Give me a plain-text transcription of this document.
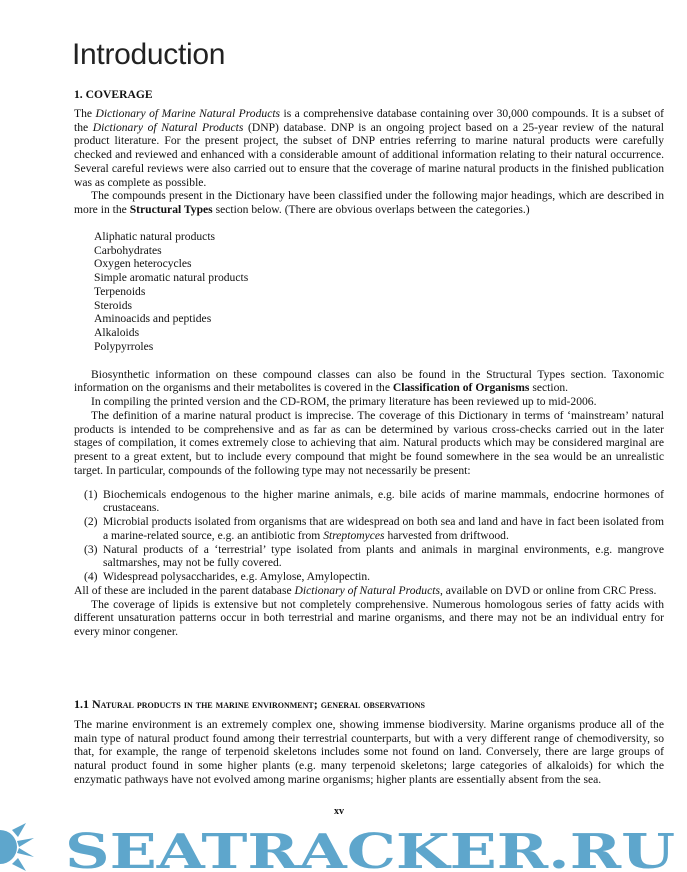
Introduction
1. COVERAGE

The Dictionary of Marine Natural Products is a comprehensive database containing over 30,000 compounds. It is a subset of the Dictionary of Natural Products (DNP) database. DNP is an ongoing project based on a 25-year review of the natural product literature. For the present project, the subset of DNP entries referring to marine natural products were carefully checked and reviewed and enhanced with a considerable amount of additional information relating to their natural occurrence. Several careful reviews were also carried out to ensure that the coverage of marine natural products in the finished publication was as complete as possible.

The compounds present in the Dictionary have been classified under the following major headings, which are described in more in the Structural Types section below. (There are obvious overlaps between the categories.)

Aliphatic natural products
Carbohydrates
Oxygen heterocycles
Simple aromatic natural products
Terpenoids
Steroids
Aminoacids and peptides
Alkaloids
Polypyrroles

Biosynthetic information on these compound classes can also be found in the Structural Types section. Taxonomic information on the organisms and their metabolites is covered in the Classification of Organisms section.

In compiling the printed version and the CD-ROM, the primary literature has been reviewed up to mid-2006.

The definition of a marine natural product is imprecise. The coverage of this Dictionary in terms of ‘mainstream’ natural products is intended to be comprehensive and as far as can be determined by various cross-checks carried out in the later stages of compilation, it comes extremely close to achieving that aim. Natural products which may be considered marginal are present to a great extent, but to include every compound that might be found somewhere in the sea would be an unrealistic target. In particular, compounds of the following type may not necessarily be present:

(1) Biochemicals endogenous to the higher marine animals, e.g. bile acids of marine mammals, endocrine hormones of crustaceans.
(2) Microbial products isolated from organisms that are widespread on both sea and land and have in fact been isolated from a marine-related source, e.g. an antibiotic from Streptomyces harvested from driftwood.
(3) Natural products of a ‘terrestrial’ type isolated from plants and animals in marginal environments, e.g. mangrove saltmarshes, may not be fully covered.
(4) Widespread polysaccharides, e.g. Amylose, Amylopectin.

All of these are included in the parent database Dictionary of Natural Products, available on DVD or online from CRC Press.

The coverage of lipids is extensive but not completely comprehensive. Numerous homologous series of fatty acids with different unsaturation patterns occur in both terrestrial and marine organisms, and there may not be an individual entry for every minor congener.

1.1 Natural products in the marine environment; general observations

The marine environment is an extremely complex one, showing immense biodiversity. Marine organisms produce all of the main type of natural product found among their terrestrial counterparts, but with a very different range of chemodiversity, so that, for example, the range of terpenoid skeletons includes some not found on land. Conversely, there are large groups of natural product found in some higher plants (e.g. many terpenoid skeletons; large categories of alkaloids) for which the enzymatic pathways have not evolved among marine organisms; higher plants are essentially absent from the sea.

xv
SEATRACKER.RU
